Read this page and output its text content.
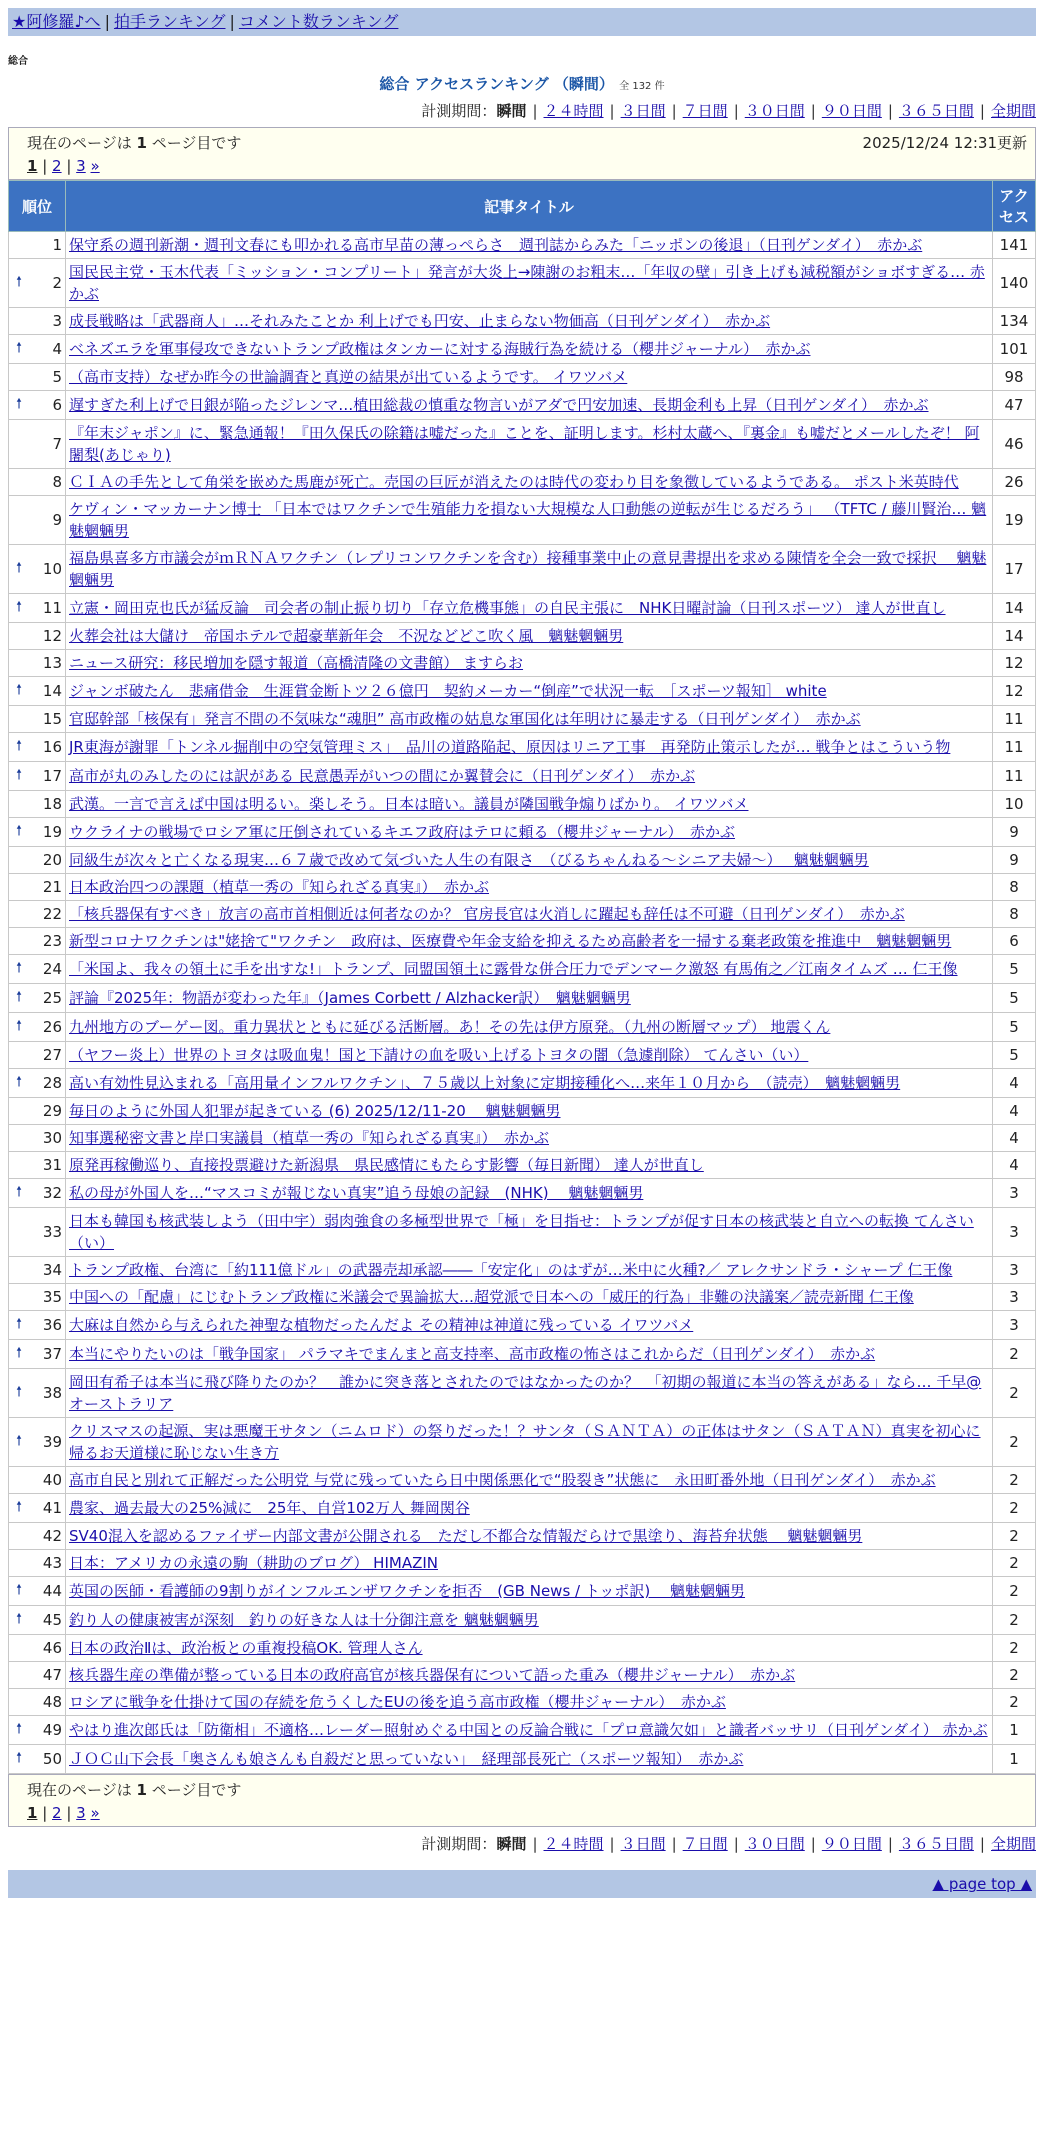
★阿修羅♪へ | 拍手ランキング | コメント数ランキング
総合
総合 アクセスランキング （瞬間） 全 132 件
計測期間：瞬間 | ２４時間 | ３日間 | ７日間 | ３０日間 | ９０日間 | ３６５日間 | 全期間
現在のページは 1 ページ目です	2025/12/24 12:31更新
1 | 2 | 3 »
順位		記事タイトル	アクセス
	1	保守系の週刊新潮・週刊文春にも叩かれる高市早苗の薄っぺらさ　週刊誌からみた「ニッポンの後退」（日刊ゲンダイ）　赤かぶ	141
🠕	2	国民民主党・玉木代表「ミッション・コンプリート」発言が大炎上→陳謝のお粗末…「年収の壁」引き上げも減税額がショボすぎる… 赤かぶ	140
	3	成長戦略は「武器商人」…それみたことか 利上げでも円安、止まらない物価高（日刊ゲンダイ）　赤かぶ	134
🠕	4	ベネズエラを軍事侵攻できないトランプ政権はタンカーに対する海賊行為を続ける（櫻井ジャーナル）　赤かぶ	101
	5	（高市支持）なぜか昨今の世論調査と真逆の結果が出ているようです。 イワツバメ	98
🠕	6	遅すぎた利上げで日銀が陥ったジレンマ…植田総裁の慎重な物言いがアダで円安加速、長期金利も上昇（日刊ゲンダイ）　赤かぶ	47
	7	『年末ジャポン』に、緊急通報！『田久保氏の除籍は嘘だった』ことを、証明します。杉村太蔵へ、『裏金』も嘘だとメールしたぞ！ 阿闍梨(あじゃり)	46
	8	ＣＩＡの手先として角栄を嵌めた馬鹿が死亡。売国の巨匠が消えたのは時代の変わり目を象徴しているようである。 ポスト米英時代	26
	9	ケヴィン・マッカーナン博士 「日本ではワクチンで生殖能力を損ない大規模な人口動態の逆転が生じるだろう」 （TFTC / 藤川賢治… 魑魅魍魎男	19
🠕	10	福島県喜多方市議会がｍＲＮＡワクチン（レプリコンワクチンを含む）接種事業中止の意見書提出を求める陳情を全会一致で採択　 魑魅魍魎男	17
🠕	11	立憲・岡田克也氏が猛反論　司会者の制止振り切り「存立危機事態」の自民主張に　NHK日曜討論（日刊スポーツ） 達人が世直し	14
	12	火葬会社は大儲け　帝国ホテルで超豪華新年会　不況などどこ吹く風　魑魅魍魎男	14
	13	ニュース研究：移民増加を隠す報道（高橋清隆の文書館） ますらお	12
🠕	14	ジャンボ破たん　悲痛借金　生涯賞金断トツ２６億円　契約メーカー“倒産”で状況一転　［スポーツ報知］ white	12
	15	官邸幹部「核保有」発言不問の不気味な“魂胆” 高市政権の姑息な軍国化は年明けに暴走する（日刊ゲンダイ）　赤かぶ	11
🠕	16	JR東海が謝罪「トンネル掘削中の空気管理ミス」　品川の道路陥起、原因はリニア工事　再発防止策示したが… 戦争とはこういう物	11
🠕	17	高市が丸のみしたのには訳がある 民意愚弄がいつの間にか翼賛会に（日刊ゲンダイ）　赤かぶ	11
	18	武漢。一言で言えば中国は明るい。楽しそう。日本は暗い。議員が隣国戦争煽りばかり。 イワツバメ	10
🠕	19	ウクライナの戦場でロシア軍に圧倒されているキエフ政府はテロに頼る（櫻井ジャーナル）　赤かぶ	9
	20	同級生が次々と亡くなる現実…６７歳で改めて気づいた人生の有限さ　（びるちゃんねる～シニア夫婦～）　 魑魅魍魎男	9
	21	日本政治四つの課題（植草一秀の『知られざる真実』）　赤かぶ	8
	22	「核兵器保有すべき」放言の高市首相側近は何者なのか？ 官房長官は火消しに躍起も辞任は不可避（日刊ゲンダイ）　赤かぶ	8
	23	新型コロナワクチンは"姥捨て"ワクチン　政府は、医療費や年金支給を抑えるため高齢者を一掃する棄老政策を推進中　魑魅魍魎男	6
🠕	24	「米国よ、我々の領土に手を出すな!」トランプ、同盟国領土に露骨な併合圧力でデンマーク激怒 有馬侑之／江南タイムズ … 仁王像	5
🠕	25	評論『2025年：物語が変わった年』（James Corbett / Alzhacker訳）　魑魅魍魎男	5
🠕	26	九州地方のブーゲー図。重力異状とともに延びる活断層。あ！その先は伊方原発。（九州の断層マップ） 地震くん	5
	27	（ヤフー炎上）世界のトヨタは吸血鬼！国と下請けの血を吸い上げるトヨタの闇（急遽削除） てんさい（い）	5
🠕	28	高い有効性見込まれる「高用量インフルワクチン」、７５歳以上対象に定期接種化へ…来年１０月から　（読売）　魑魅魍魎男	4
	29	毎日のように外国人犯罪が起きている (6) 2025/12/11-20　 魑魅魍魎男	4
	30	知事選秘密文書と岸口実議員（植草一秀の『知られざる真実』）　赤かぶ	4
	31	原発再稼働巡り、直接投票避けた新潟県　県民感情にもたらす影響（毎日新聞） 達人が世直し	4
🠕	32	私の母が外国人を…“マスコミが報じない真実”追う母娘の記録　(NHK)　 魑魅魍魎男	3
	33	日本も韓国も核武装しよう（田中宇）弱肉強食の多極型世界で「極」を目指せ：トランプが促す日本の核武装と自立への転換 てんさい（い）	3
	34	トランプ政権、台湾に「約111億ドル」の武器売却承認――「安定化」のはずが…米中に火種?／ アレクサンドラ・シャープ 仁王像	3
	35	中国への「配慮」にじむトランプ政権に米議会で異論拡大…超党派で日本への「威圧的行為」非難の決議案／読売新聞 仁王像	3
🠕	36	大麻は自然から与えられた神聖な植物だったんだよ その精神は神道に残っている イワツバメ	3
🠕	37	本当にやりたいのは「戦争国家」 パラマキでまんまと高支持率、高市政権の怖さはこれからだ（日刊ゲンダイ）　赤かぶ	2
🠕	38	岡田有希子は本当に飛び降りたのか？　誰かに突き落とされたのではなかったのか？　「初期の報道に本当の答えがある」なら… 千早@オーストラリア	2
🠕	39	クリスマスの起源、実は悪魔王サタン（ニムロド）の祭りだった！？サンタ（ＳＡＮＴＡ）の正体はサタン（ＳＡＴＡＮ）真実を初心に帰るお天道様に恥じない生き方	2
	40	高市自民と別れて正解だった公明党 与党に残っていたら日中関係悪化で“股裂き”状態に　永田町番外地（日刊ゲンダイ）　赤かぶ	2
🠕	41	農家、過去最大の25%減に　25年、自営102万人 舞岡関谷	2
	42	SV40混入を認めるファイザー内部文書が公開される　ただし不都合な情報だらけで黒塗り、海苔弁状態　 魑魅魍魎男	2
	43	日本：アメリカの永遠の駒（耕助のブログ） HIMAZIN	2
🠕	44	英国の医師・看護師の9割りがインフルエンザワクチンを拒否　(GB News / トッポ訳)　 魑魅魍魎男	2
🠕	45	釣り人の健康被害が深刻　釣りの好きな人は十分御注意を 魑魅魍魎男	2
	46	日本の政治Ⅱは、政治板との重複投稿OK. 管理人さん	2
	47	核兵器生産の準備が整っている日本の政府高官が核兵器保有について語った重み（櫻井ジャーナル）　赤かぶ	2
	48	ロシアに戦争を仕掛けて国の存続を危うくしたEUの後を追う高市政権（櫻井ジャーナル）　赤かぶ	2
🠕	49	やはり進次郎氏は「防衛相」不適格…レーダー照射めぐる中国との反論合戦に「プロ意識欠如」と識者バッサリ（日刊ゲンダイ） 赤かぶ	1
🠕	50	ＪＯＣ山下会長「奥さんも娘さんも自殺だと思っていない」　経理部長死亡（スポーツ報知）　赤かぶ	1
現在のページは 1 ページ目です
1 | 2 | 3 »
計測期間：瞬間 | ２４時間 | ３日間 | ７日間 | ３０日間 | ９０日間 | ３６５日間 | 全期間
▲ page top ▲
